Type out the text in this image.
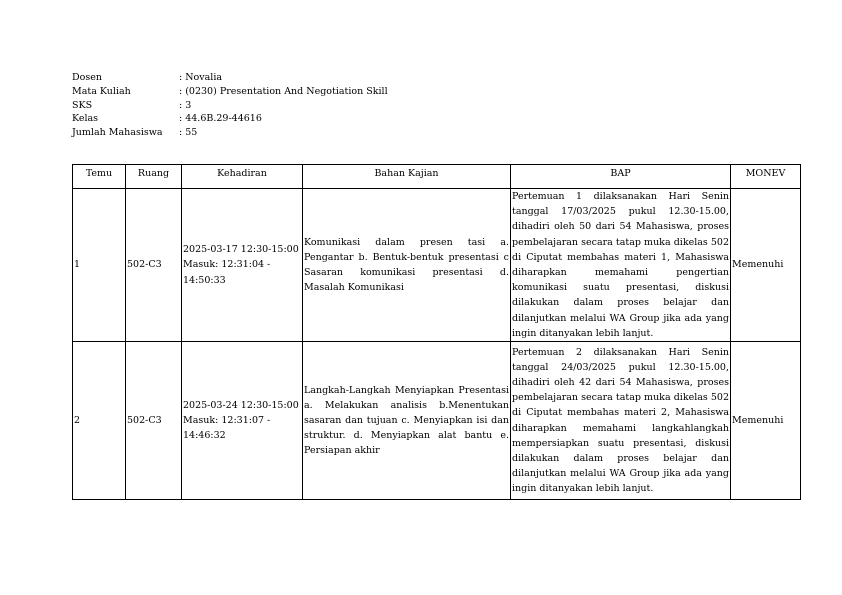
Dosen	: Novalia
Mata Kuliah	: (0230) Presentation And Negotiation Skill
SKS	: 3
Kelas	: 44.6B.29-44616
Jumlah Mahasiswa	: 55
Temu	Ruang	Kehadiran	Bahan Kajian	BAP	MONEV
1	502-C3	2025-03-17 12:30-15:00 Masuk: 12:31:04 - 14:50:33	Komunikasi dalam presen tasi a. Pengantar b. Bentuk-bentuk presentasi c Sasaran komunikasi presentasi d. Masalah Komunikasi	Pertemuan 1 dilaksanakan Hari Senin tanggal 17/03/2025 pukul 12.30-15.00, dihadiri oleh 50 dari 54 Mahasiswa, proses pembelajaran secara tatap muka dikelas 502 di Ciputat membahas materi 1, Mahasiswa diharapkan memahami pengertian komunikasi suatu presentasi, diskusi dilakukan dalam proses belajar dan dilanjutkan melalui WA Group jika ada yang ingin ditanyakan lebih lanjut.	Memenuhi
2	502-C3	2025-03-24 12:30-15:00 Masuk: 12:31:07 - 14:46:32	Langkah-Langkah Menyiapkan Presentasi a. Melakukan analisis b.Menentukan sasaran dan tujuan c. Menyiapkan isi dan struktur. d. Menyiapkan alat bantu e. Persiapan akhir	Pertemuan 2 dilaksanakan Hari Senin tanggal 24/03/2025 pukul 12.30-15.00, dihadiri oleh 42 dari 54 Mahasiswa, proses pembelajaran secara tatap muka dikelas 502 di Ciputat membahas materi 2, Mahasiswa diharapkan memahami langkahlangkah mempersiapkan suatu presentasi, diskusi dilakukan dalam proses belajar dan dilanjutkan melalui WA Group jika ada yang ingin ditanyakan lebih lanjut.	Memenuhi
